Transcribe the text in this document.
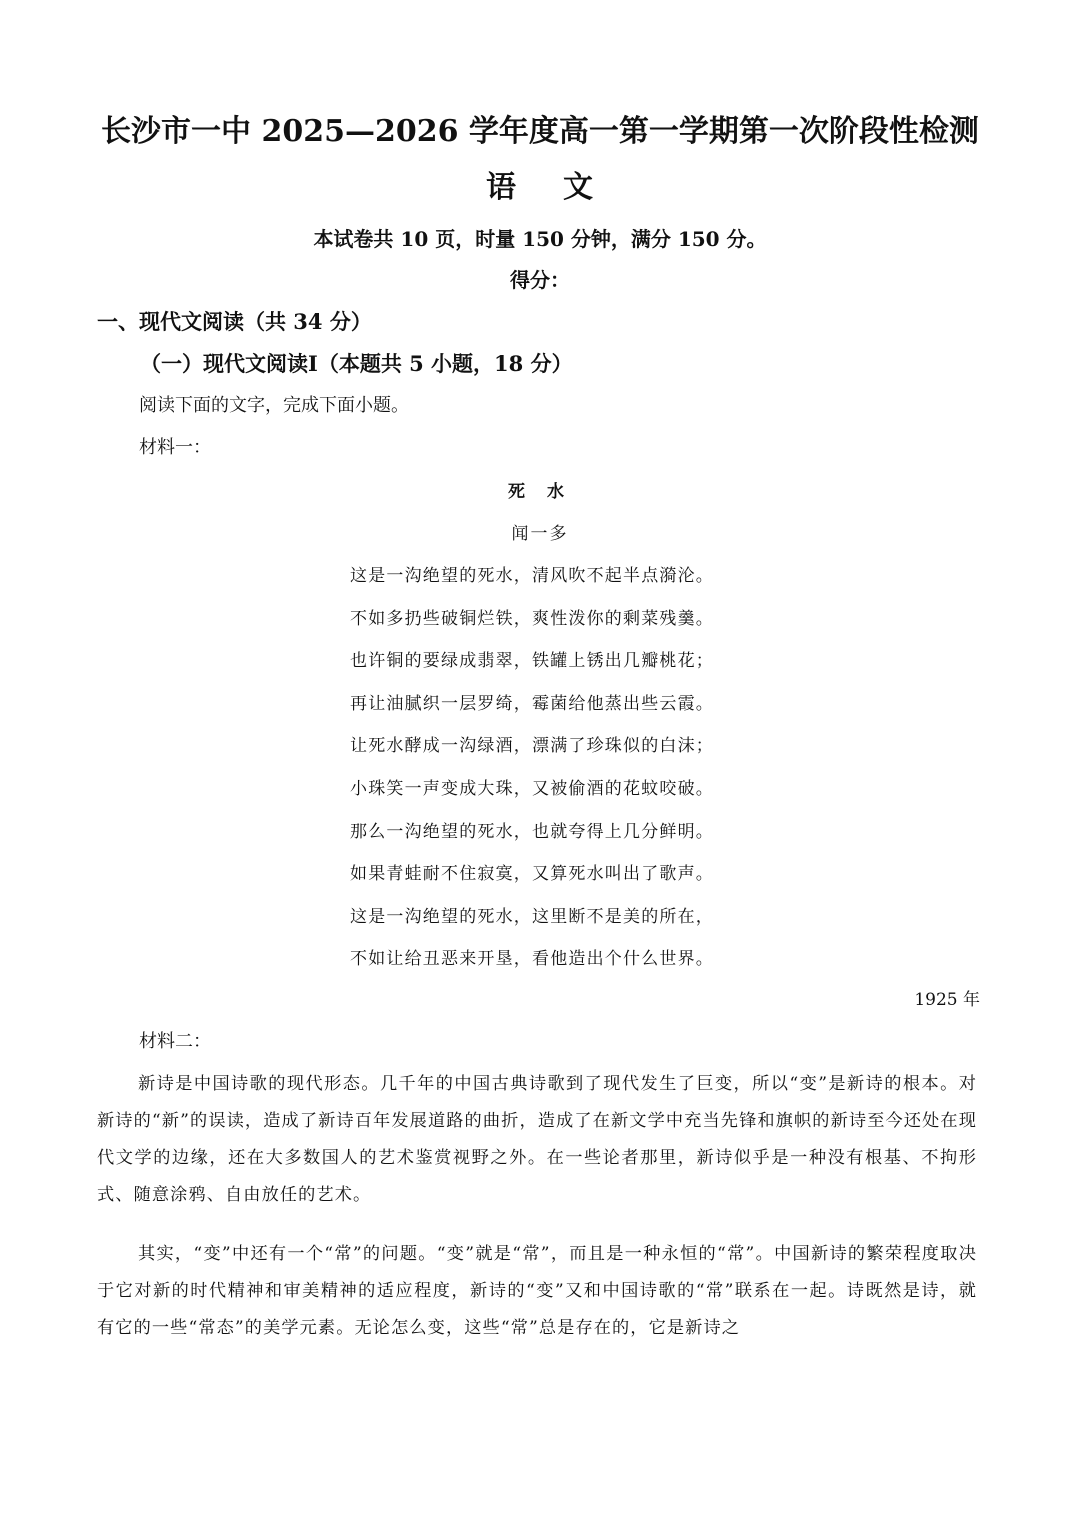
长沙市一中 2025—2026 学年度高一第一学期第一次阶段性检测
语 文
本试卷共 10 页，时量 150 分钟，满分 150 分。
得分：
一、现代文阅读（共 34 分）
（一）现代文阅读Ⅰ（本题共 5 小题，18 分）
阅读下面的文字，完成下面小题。
材料一：
死 水
闻一多
这是一沟绝望的死水，清风吹不起半点漪沦。
不如多扔些破铜烂铁，爽性泼你的剩菜残羹。
也许铜的要绿成翡翠，铁罐上锈出几瓣桃花；
再让油腻织一层罗绮，霉菌给他蒸出些云霞。
让死水酵成一沟绿酒，漂满了珍珠似的白沫；
小珠笑一声变成大珠，又被偷酒的花蚊咬破。
那么一沟绝望的死水，也就夸得上几分鲜明。
如果青蛙耐不住寂寞，又算死水叫出了歌声。
这是一沟绝望的死水，这里断不是美的所在，
不如让给丑恶来开垦，看他造出个什么世界。
1925 年
材料二：

新诗是中国诗歌的现代形态。几千年的中国古典诗歌到了现代发生了巨变，所以“变”是新诗的根本。对新诗的“新”的误读，造成了新诗百年发展道路的曲折，造成了在新文学中充当先锋和旗帜的新诗至今还处在现代文学的边缘，还在大多数国人的艺术鉴赏视野之外。在一些论者那里，新诗似乎是一种没有根基、不拘形式、随意涂鸦、自由放任的艺术。

其实，“变”中还有一个“常”的问题。“变”就是“常”，而且是一种永恒的“常”。中国新诗的繁荣程度取决于它对新的时代精神和审美精神的适应程度，新诗的“变”又和中国诗歌的“常”联系在一起。诗既然是诗，就有它的一些“常态”的美学元素。无论怎么变，这些“常”总是存在的，它是新诗之
